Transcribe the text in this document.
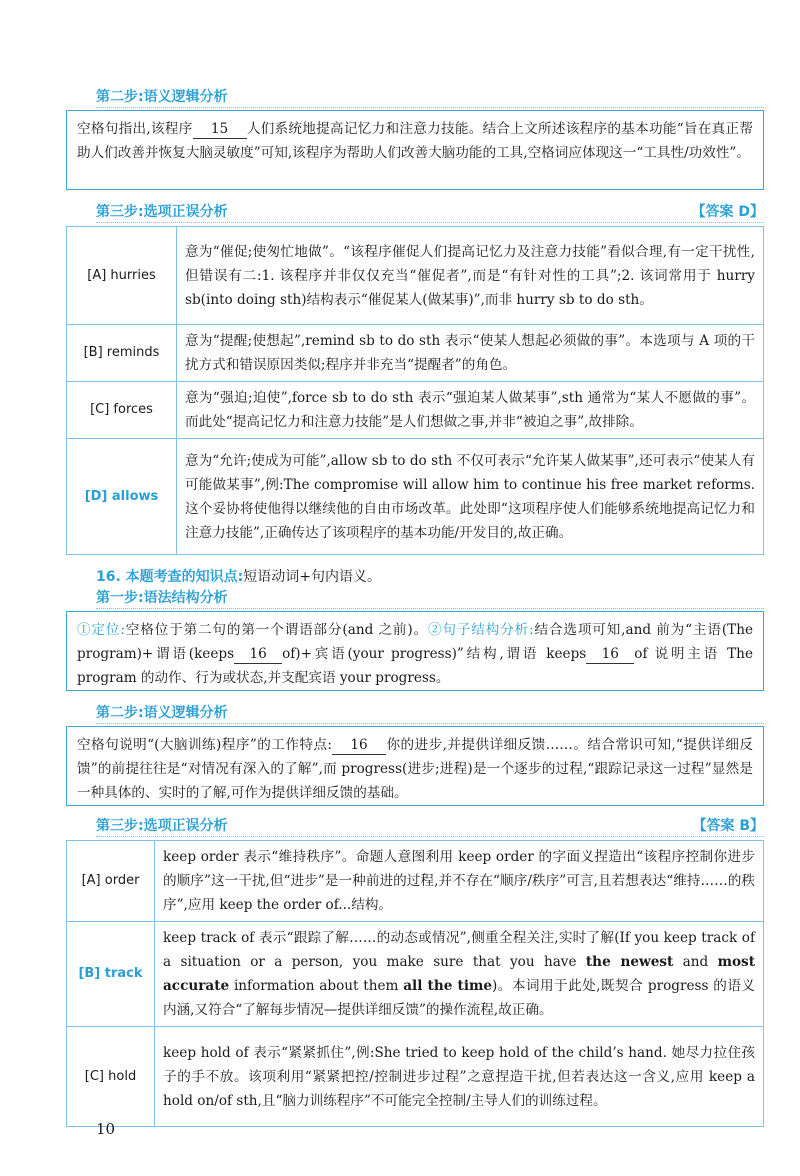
第二步:语义逻辑分析
空格句指出,该程序 15 人们系统地提高记忆力和注意力技能。结合上文所述该程序的基本功能“旨在真正帮助人们改善并恢复大脑灵敏度”可知,该程序为帮助人们改善大脑功能的工具,空格词应体现这一“工具性/功效性”。
第三步:选项正误分析	【答案 D】
[A] hurries	意为“催促;使匆忙地做”。“该程序催促人们提高记忆力及注意力技能”看似合理,有一定干扰性,但错误有二:1. 该程序并非仅仅充当“催促者”,而是“有针对性的工具”;2. 该词常用于 hurry sb(into doing sth)结构表示“催促某人(做某事)”,而非 hurry sb to do sth。
[B] reminds	意为“提醒;使想起”,remind sb to do sth 表示“使某人想起必须做的事”。本选项与 A 项的干扰方式和错误原因类似;程序并非充当“提醒者”的角色。
[C] forces	意为“强迫;迫使”,force sb to do sth 表示“强迫某人做某事”,sth 通常为“某人不愿做的事”。而此处“提高记忆力和注意力技能”是人们想做之事,并非“被迫之事”,故排除。
[D] allows	意为“允许;使成为可能”,allow sb to do sth 不仅可表示“允许某人做某事”,还可表示“使某人有可能做某事”,例:The compromise will allow him to continue his free market reforms. 这个妥协将使他得以继续他的自由市场改革。此处即“这项程序使人们能够系统地提高记忆力和注意力技能”,正确传达了该项程序的基本功能/开发目的,故正确。
16. 本题考查的知识点:短语动词+句内语义。
第一步:语法结构分析
①定位:空格位于第二句的第一个谓语部分(and 之前)。②句子结构分析:结合选项可知,and 前为“主语(The program)+谓语(keeps 16 of)+宾语(your progress)”结构,谓语 keeps 16 of 说明主语 The program 的动作、行为或状态,并支配宾语 your progress。
第二步:语义逻辑分析
空格句说明“(大脑训练)程序”的工作特点: 16 你的进步,并提供详细反馈……。结合常识可知,“提供详细反馈”的前提往往是“对情况有深入的了解”,而 progress(进步;进程)是一个逐步的过程,“跟踪记录这一过程”显然是一种具体的、实时的了解,可作为提供详细反馈的基础。
第三步:选项正误分析	【答案 B】
[A] order	keep order 表示“维持秩序”。命题人意图利用 keep order 的字面义捏造出“该程序控制你进步的顺序”这一干扰,但“进步”是一种前进的过程,并不存在“顺序/秩序”可言,且若想表达“维持……的秩序”,应用 keep the order of...结构。
[B] track	keep track of 表示“跟踪了解……的动态或情况”,侧重全程关注,实时了解(If you keep track of a situation or a person, you make sure that you have the newest and most accurate information about them all the time)。本词用于此处,既契合 progress 的语义内涵,又符合“了解每步情况—提供详细反馈”的操作流程,故正确。
[C] hold	keep hold of 表示“紧紧抓住”,例:She tried to keep hold of the child’s hand. 她尽力拉住孩子的手不放。该项利用“紧紧把控/控制进步过程”之意捏造干扰,但若表达这一含义,应用 keep a hold on/of sth,且“脑力训练程序”不可能完全控制/主导人们的训练过程。
10
